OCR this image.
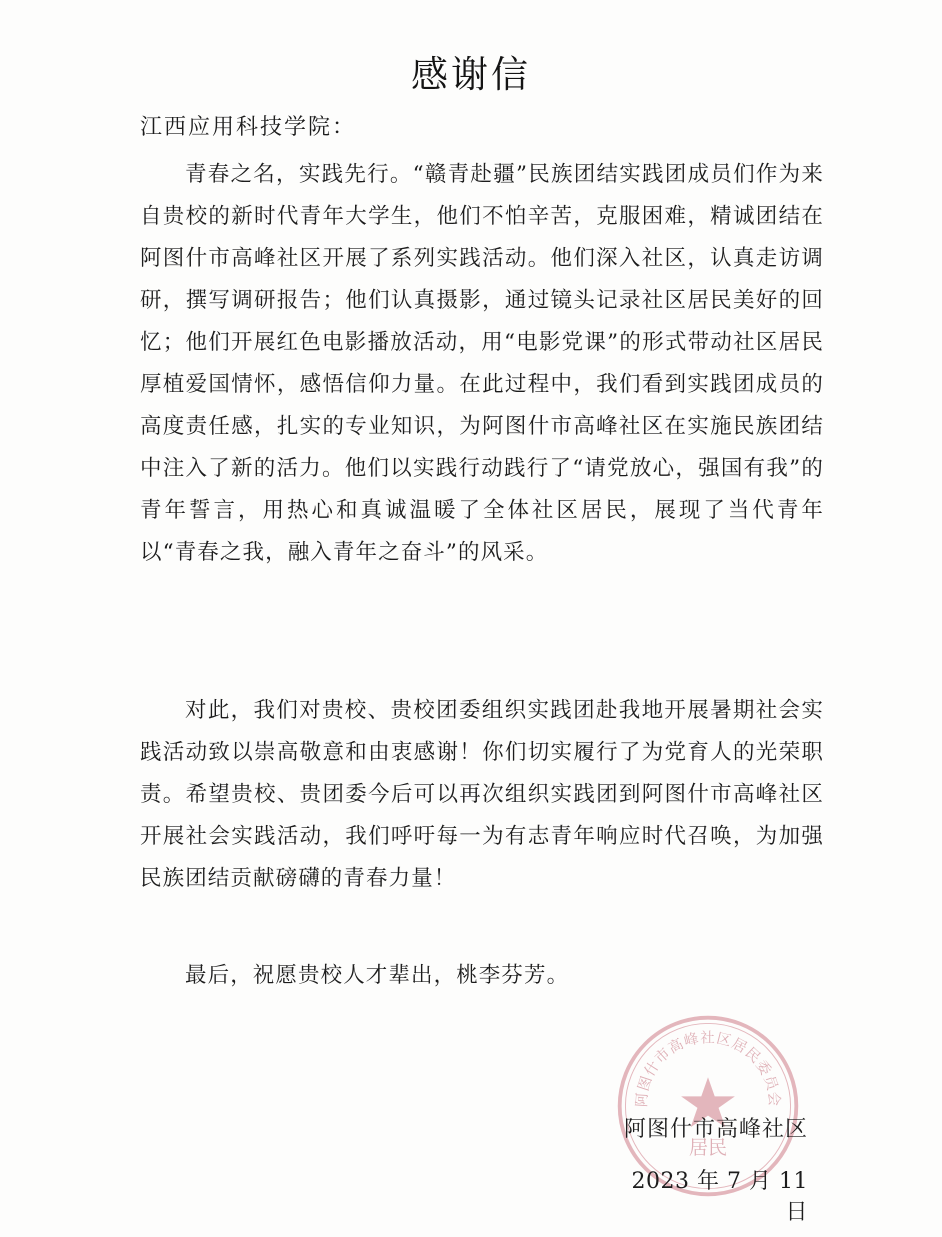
感谢信
江西应用科技学院：

青春之名，实践先行。“赣青赴疆”民族团结实践团成员们作为来自贵校的新时代青年大学生，他们不怕辛苦，克服困难，精诚团结在阿图什市高峰社区开展了系列实践活动。他们深入社区，认真走访调研，撰写调研报告；他们认真摄影，通过镜头记录社区居民美好的回忆；他们开展红色电影播放活动，用“电影党课”的形式带动社区居民厚植爱国情怀，感悟信仰力量。在此过程中，我们看到实践团成员的高度责任感，扎实的专业知识，为阿图什市高峰社区在实施民族团结中注入了新的活力。他们以实践行动践行了“请党放心，强国有我”的青年誓言，用热心和真诚温暖了全体社区居民，展现了当代青年以“青春之我，融入青年之奋斗”的风采。

对此，我们对贵校、贵校团委组织实践团赴我地开展暑期社会实践活动致以崇高敬意和由衷感谢！你们切实履行了为党育人的光荣职责。希望贵校、贵团委今后可以再次组织实践团到阿图什市高峰社区开展社会实践活动，我们呼吁每一为有志青年响应时代召唤，为加强民族团结贡献磅礴的青春力量！

最后，祝愿贵校人才辈出，桃李芬芳。

阿图什市高峰社区居民委员会
居民
阿图什市高峰社区
2023 年 7 月 11 日
